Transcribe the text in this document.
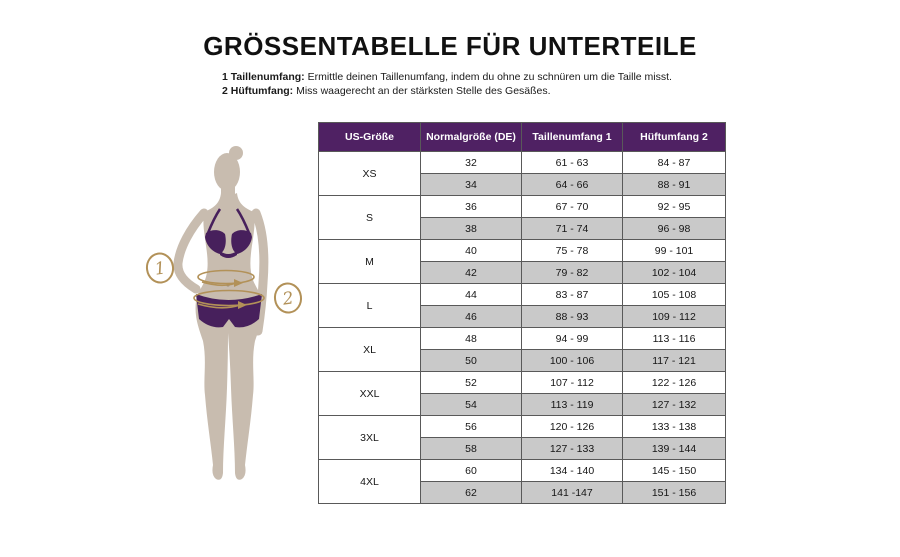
GRÖSSENTABELLE FÜR UNTERTEILE
1 Taillenumfang: Ermittle deinen Taillenumfang, indem du ohne zu schnüren um die Taille misst.
2 Hüftumfang: Miss waagerecht an der stärksten Stelle des Gesäßes.
1
2
US-Größe	Normalgröße (DE)	Taillenumfang 1	Hüftumfang 2
XS	32	61 - 63	84 - 87
	34	64 - 66	88 - 91
S	36	67 - 70	92 - 95
	38	71 - 74	96 - 98
M	40	75 - 78	99 - 101
	42	79 - 82	102 - 104
L	44	83 - 87	105 - 108
	46	88 - 93	109 - 112
XL	48	94 - 99	113 - 116
	50	100 - 106	117 - 121
XXL	52	107 - 112	122 - 126
	54	113 - 119	127 - 132
3XL	56	120 - 126	133 - 138
	58	127 - 133	139 - 144
4XL	60	134 - 140	145 - 150
	62	141 -147	151 - 156
